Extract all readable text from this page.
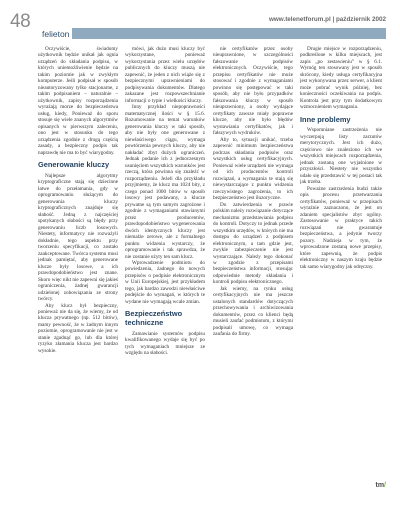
48	www.telenetforum.pl | październik 2002
felieton

Oczywiście, świadomy użytkownik będzie unikał jak ognia urządzeń do składania podpisu, w których uniemożliwienie będzie na takim poziomie jak w zwykłym komputerze. Jeśli podpisał w sposób nieautoryzowany tylko stacjonarne, z takim podpisaniem – naturalnie – użytkownik, zapisy rozporządzenia wyrażają morze do bezpieczeństwa usług, kiedy, Ponieważ do sporu stosuje się wiele znanych algorytmów opisanych w pierwszym zaleceniu, ono jest w stosunku do tego urządzenia zgodnie z drugą częścią zasady, a bezpieczny podpis tak naprawdę nie ma to być wiarygodny.

Generowanie kluczy

Najlepsze algorytmy kryptograficzne stają się dziecinne łatwe do przełamania, gdy w oprogramowaniu służącym do generowania kluczy kryptograficznych znajduje się słabość. Jedną z najczęściej spotykanych słabości są błędy przy generowaniu liczb losowych. Niestety, informatycy nie rozważyli dokładnie, tego aspektu przy tworzeniu specyfikacji, co zostało zaakceptowane. Twórca systemu musi jednak pamiętać, aby generowane klucze były losowe, a ich prawdopodobieństwo jest znane. Skoro więc nikt nie zapewni się jakieś ograniczenia, żadnej gwarancji udzielonej zobowiązania ze strony twórcy.

Aby klucz był bezpieczny, ponieważ nie da się, że wiemy, że od klucza prywatnego (np. 512 bitów), mamy pewność, że w żadnym innym poziomie, oprogramowanie nie jest w stanie zgadnąć go, lub dla której ryzyko złamania klucza jest bardzo wysokie.

mówi, jak dużo musi kluczy być wykorzystane, ponieważ wykorzystania przez wielu urzędów publicznych do kluczy muszą nie zapewnić, że jeden z nich wiąże się z bezpiecznymi uprawnieniami do podpisywania dokumentów. Dlatego zakazane jest rozpowszechnianie informacji o typie i wielkości kluczy.

Inny przykład niepoprawności matematycznej ilości w § 15.6. Rozumowanie na temat warunków generowania kluczy w taki sposób, aby nie były one generowane z niewłaściwego ciągu, wymaga powtórzenia pewnych kluczy, aby nie nakładać zbyt dużych ograniczeń. Jednak podanie ich z jednoczesnym usunięciem wszystkich warunków jest rzeczą, która powinna się znaleźć w rozporządzeniu. Jeżeli dla przykładu przyjmiemy, że klucz ma 1024 bity, z czego ponad 1000 bitów w sposób losowy jest podawany, a klucze prywatne są tym samym zagrożone i zgodnie z wymaganiami stawianymi przez producentów, prawdopodobieństwo wygenerowania dwóch identycznych kluczy jest niemalże zerowe, ale z formalnego punktu widzenia wystarczy, że oprogramowanie i tak sprawdza, że nie zostanie użyty ten sam klucz.

Wprowadzenie podmiotu do powiedzenia, żadnego do nowych przepisów o podpisie elektronicznym w Unii Europejskiej, jest przykładem tego, jak bardzo zawodzi niewłaściwe podejście do wymagań, w których te wydane nie wymagają wcale zmian.

Bezpieczeństwo techniczne

Zamawianie systemów podpisu kwalifikowanego wydaje się być po tych wymaganiach mniejsze ze względu na słabości.

nie certyfikatów przez osoby nieuprawnione, w szczególności fałszowanie podpisów elektronicznych. Oczywiście, tego przepisu certyfikatów nie może stosować i zgodnie z wymaganiami powinno się postępować w taki sposób, aby nie było przypadków fałszowania kluczy w sposób nieuprawniony, a osoby wydające certyfikaty zawsze miały poprawne klucze, aby nie było błędów wystawiania certyfikatów, jak i fałszywych wydruków.

Aby to, sytuacji unikać, trzeba zapewnić minimum bezpieczeństwa podczas składania podpisów oraz wszystkich usług certyfikacyjnych. Ponieważ wiele urządzeń nie wymaga od ich producentów kontroli rozwiązań, a wymagania te stają się niewystarczające z punktu widzenia rzeczywistego zagrożenia, to ich bezpieczeństwo jest iluzoryczne.

Do zatwierdzenia w prawie polskim należy rozwiązanie dotyczące mechanizmu przedstawiania podpisu do kontroli. Dotyczy to jednak przede wszystkim urzędów, w których nie ma dostępu do urządzeń z podpisem elektronicznym, a tam gdzie jest, zwykle zabezpieczenie nie jest wystarczające. Należy tego dokonać w zgodzie z przepisami bezpieczeństwa informacji, stosując odpowiednie metody składania i kontroli podpisu elektronicznego.

Jak wiemy, na rynku usług certyfikacyjnych nie ma jeszcze ustalonych standardów dotyczących przechowywania i archiwizowania dokumentów, przez co klienci będą musieli zaufać podmiotom, z którymi podpisali umowę, co wymaga zaufania do firmy.

Drugie miejsce w rozporządzeniu, podkreślone w kilku miejscach, jest zapis „po zestawieniu” w § 6.1. Wymóg ten stosowany jest w sposób skrócony, kiedy usługa certyfikacyjna jest wykonywana przez serwer, a klient może pobrać wynik później, bez konieczności oczekiwania na podpis. Kontrola jest przy tym dodatkowym wzmocnieniem wymagania.

Inne problemy

Wspomniane zastrzeżenia nie wyczerpują listy zarzutów merytorycznych. Jest ich dużo, częściowo nie znaleziono ich we wszystkich miejscach rozporządzenia, jednak zostaną one wyjaśnione w przyszłości. Niestety nie wszystko udało się przedstawić w tej postaci tak jak trzeba.

Poważne zastrzeżenia budzi także opis procesu przetwarzania certyfikatów, ponieważ w przepisach wyraźnie zaznaczono, że jest on zdaniem specjalistów zbyt ogólny. Zastosowanie w praktyce takich rozwiązań nie gwarantuje bezpieczeństwa, a jedynie tworzy pozory. Nadzieja w tym, że wprowadzone zostaną nowe przepisy, które zapewnią, że podpis elektroniczny w naszym kraju będzie tak samo wiarygodny jak odręczny.

tm/
